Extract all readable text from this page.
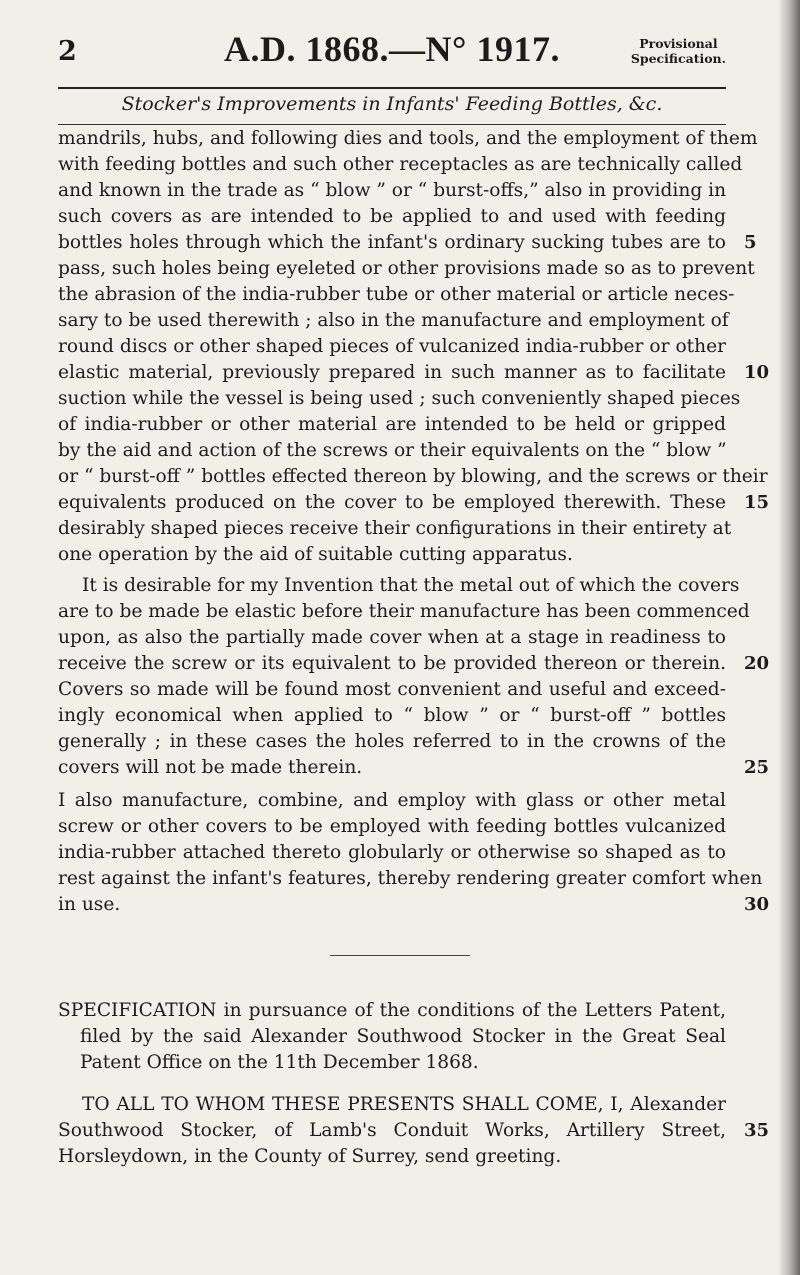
2	A.D. 1868.—N° 1917.	Provisional
Specification.
Stocker's Improvements in Infants' Feeding Bottles, &c.
mandrils, hubs, and following dies and tools, and the employment of them
with feeding bottles and such other receptacles as are technically called
and known in the trade as “ blow ” or “ burst-offs,” also in providing in
such covers as are intended to be applied to and used with feeding
bottles holes through which the infant's ordinary sucking tubes are to
pass, such holes being eyeleted or other provisions made so as to prevent
the abrasion of the india-rubber tube or other material or article neces-
sary to be used therewith ; also in the manufacture and employment of
round discs or other shaped pieces of vulcanized india-rubber or other
elastic material, previously prepared in such manner as to facilitate
suction while the vessel is being used ; such conveniently shaped pieces
of india-rubber or other material are intended to be held or gripped
by the aid and action of the screws or their equivalents on the “ blow ”
or “ burst-off ” bottles effected thereon by blowing, and the screws or their
equivalents produced on the cover to be employed therewith. These
desirably shaped pieces receive their configurations in their entirety at
one operation by the aid of suitable cutting apparatus.
It is desirable for my Invention that the metal out of which the covers
are to be made be elastic before their manufacture has been commenced
upon, as also the partially made cover when at a stage in readiness to
receive the screw or its equivalent to be provided thereon or therein.
Covers so made will be found most convenient and useful and exceed-
ingly economical when applied to “ blow ” or “ burst-off ” bottles
generally ; in these cases the holes referred to in the crowns of the
covers will not be made therein.
I also manufacture, combine, and employ with glass or other metal
screw or other covers to be employed with feeding bottles vulcanized
india-rubber attached thereto globularly or otherwise so shaped as to
rest against the infant's features, thereby rendering greater comfort when
in use.
SPECIFICATION in pursuance of the conditions of the Letters Patent,
filed by the said Alexander Southwood Stocker in the Great Seal
Patent Office on the 11th December 1868.
TO ALL TO WHOM THESE PRESENTS SHALL COME, I, Alexander
Southwood Stocker, of Lamb's Conduit Works, Artillery Street,
Horsleydown, in the County of Surrey, send greeting.
5
10
15
20
25
30
35
